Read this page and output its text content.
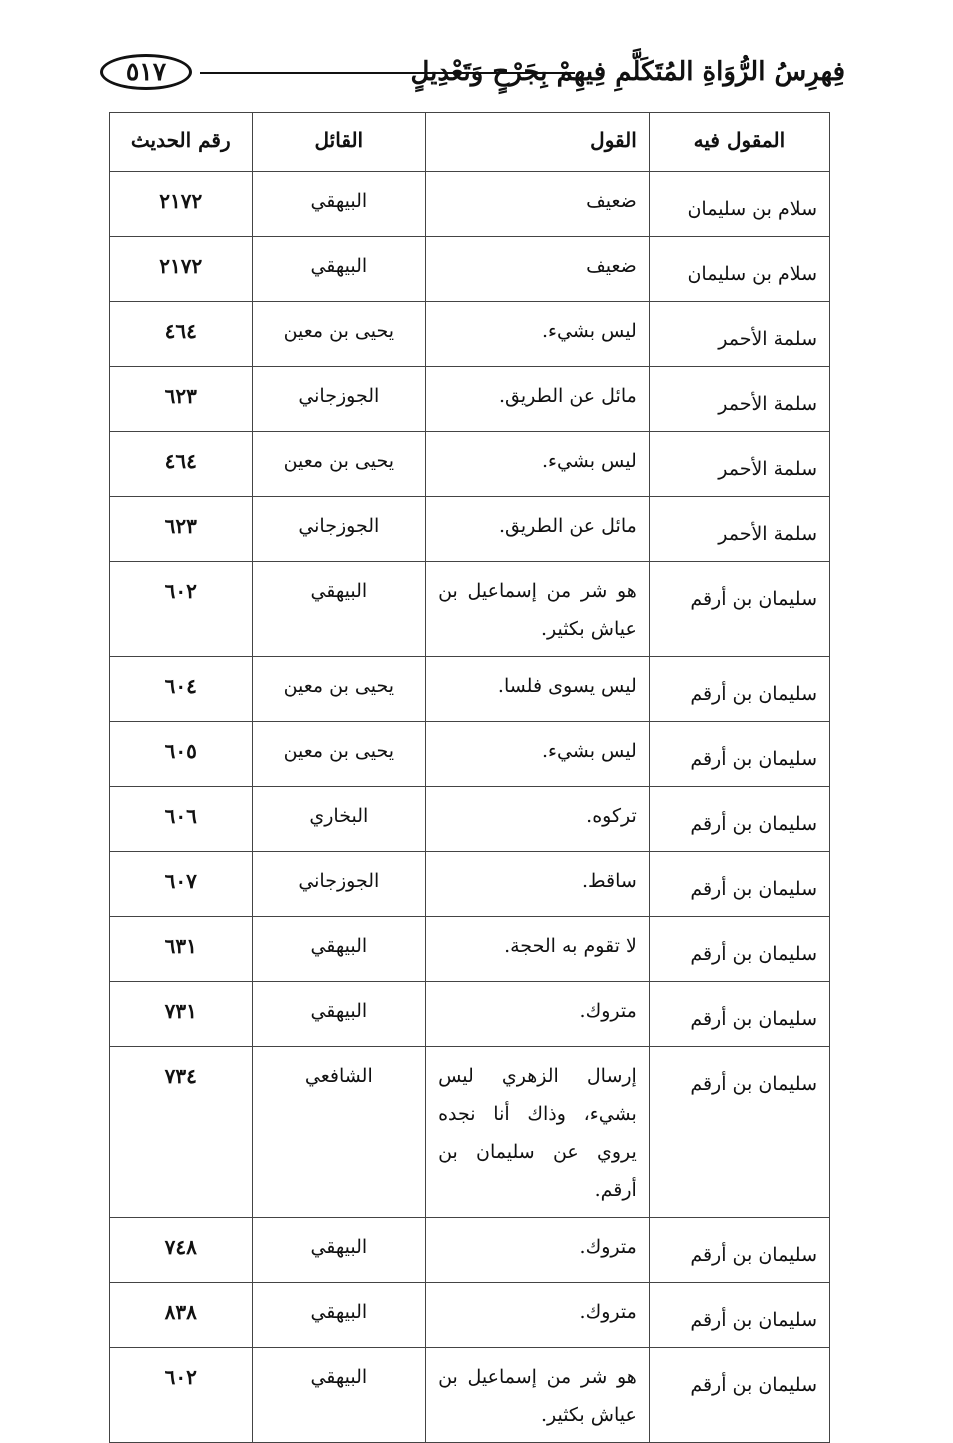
٥١٧	فِهرِسُ الرُّوَاةِ المُتَكَلَّمِ فِيهِمْ بِجَرْحٍ وَتَعْدِيلٍ
المقول فيه	القول	القائل	رقم الحديث
سلام بن سليمان	ضعيف	البيهقي	٢١٧٢
سلام بن سليمان	ضعيف	البيهقي	٢١٧٢
سلمة الأحمر	ليس بشيء.	يحيى بن معين	٤٦٤
سلمة الأحمر	مائل عن الطريق.	الجوزجاني	٦٢٣
سلمة الأحمر	ليس بشيء.	يحيى بن معين	٤٦٤
سلمة الأحمر	مائل عن الطريق.	الجوزجاني	٦٢٣
سليمان بن أرقم	هو شر من إسماعيل بن عياش بكثير.	البيهقي	٦٠٢
سليمان بن أرقم	ليس يسوى فلسا.	يحيى بن معين	٦٠٤
سليمان بن أرقم	ليس بشيء.	يحيى بن معين	٦٠٥
سليمان بن أرقم	تركوه.	البخاري	٦٠٦
سليمان بن أرقم	ساقط.	الجوزجاني	٦٠٧
سليمان بن أرقم	لا تقوم به الحجة.	البيهقي	٦٣١
سليمان بن أرقم	متروك.	البيهقي	٧٣١
سليمان بن أرقم	إرسال الزهري ليس بشيء، وذاك أنا نجده يروي عن سليمان بن أرقم.	الشافعي	٧٣٤
سليمان بن أرقم	متروك.	البيهقي	٧٤٨
سليمان بن أرقم	متروك.	البيهقي	٨٣٨
سليمان بن أرقم	هو شر من إسماعيل بن عياش بكثير.	البيهقي	٦٠٢
